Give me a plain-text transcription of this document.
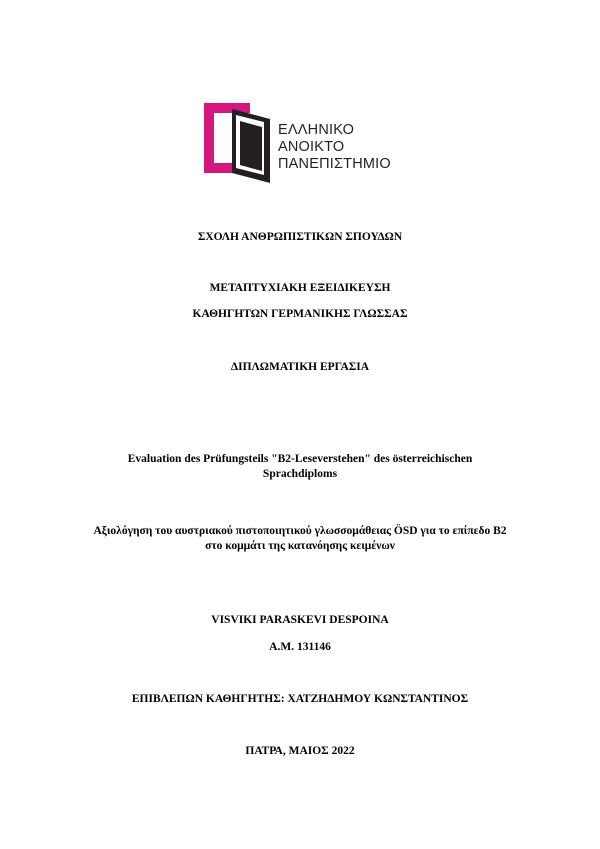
ΕΛΛΗΝΙΚΟ
ΑΝΟΙΚΤΟ
ΠΑΝΕΠΙΣΤΗΜΙΟ
ΣΧΟΛΗ ΑΝΘΡΩΠΙΣΤΙΚΩΝ ΣΠΟΥΔΩΝ
ΜΕΤΑΠΤΥΧΙΑΚΗ ΕΞΕΙΔΙΚΕΥΣΗ
ΚΑΘΗΓΗΤΩΝ ΓΕΡΜΑΝΙΚΗΣ ΓΛΩΣΣΑΣ
ΔΙΠΛΩΜΑΤΙΚΗ ΕΡΓΑΣΙΑ
Evaluation des Prüfungsteils "B2-Leseverstehen" des österreichischen
Sprachdiploms
Αξιολόγηση του αυστριακού πιστοποιητικού γλωσσομάθειας ÖSD για το επίπεδο B2
στο κομμάτι της κατανόησης κειμένων
VISVIKI PARASKEVI DESPOINA
A.M. 131146
ΕΠΙΒΛΕΠΩΝ ΚΑΘΗΓΗΤΗΣ: ΧΑΤΖΗΔΗΜΟΥ ΚΩΝΣΤΑΝΤΙΝΟΣ
ΠΑΤΡΑ, ΜΑΙΟΣ 2022
